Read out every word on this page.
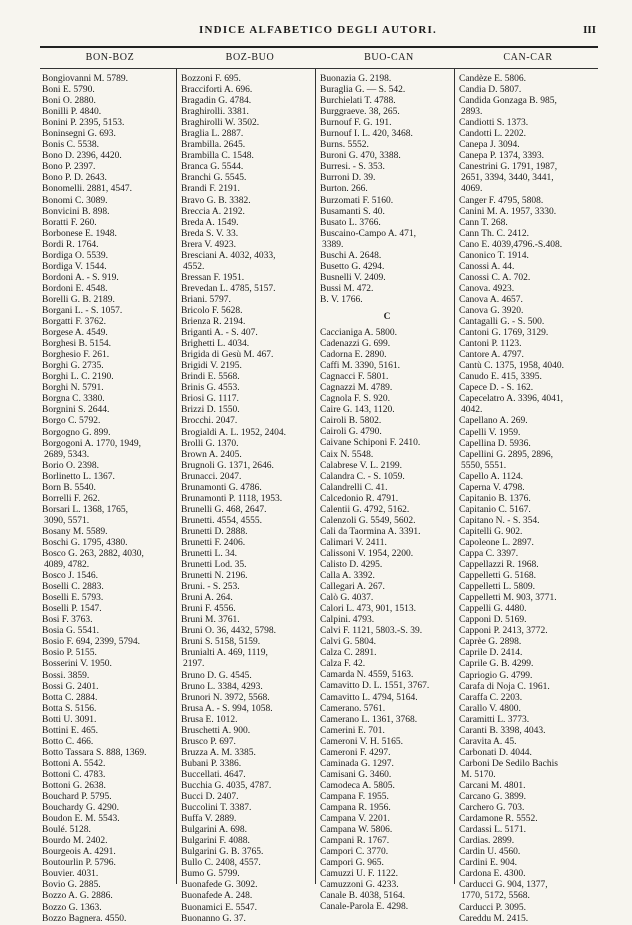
INDICE ALFABETICO DEGLI AUTORI.	III
BON-BOZ	BOZ-BUO	BUO-CAN	CAN-CAR
Bongiovanni M. 5789.
Boni E. 5790.
Boni O. 2880.
Bonilli P. 4840.
Bonini P. 2395, 5153.
Boninsegni G. 693.
Bonis C. 5538.
Bono D. 2396, 4420.
Bono P. 2397.
Bono P. D. 2643.
Bonomelli. 2881, 4547.
Bonomi C. 3089.
Bonvicini B. 898.
Boratti F. 260.
Borbonese E. 1948.
Bordi R. 1764.
Bordiga O. 5539.
Bordiga V. 1544.
Bordoni A. - S. 919.
Bordoni E. 4548.
Borelli G. B. 2189.
Borgani L. - S. 1057.
Borgatti F. 3762.
Borgese A. 4549.
Borghesi B. 5154.
Borghesio F. 261.
Borghi G. 2735.
Borghi L. C. 2190.
Borghi N. 5791.
Borgna C. 3380.
Borgnini S. 2644.
Borgo C. 5792.
Borgogno G. 899.
Borgogoni A. 1770, 1949,
2689, 5343.
Borio O. 2398.
Borlinetto L. 1367.
Born B. 5540.
Borrelli F. 262.
Borsari L. 1368, 1765,
3090, 5571.
Bosany M. 5589.
Boschi G. 1795, 4380.
Bosco G. 263, 2882, 4030,
4089, 4782.
Bosco J. 1546.
Boselli C. 2883.
Boselli E. 5793.
Boselli P. 1547.
Bosi F. 3763.
Bosia G. 5541.
Bosio F. 694, 2399, 5794.
Bosio P. 5155.
Bosserini V. 1950.
Bossi. 3859.
Bossi G. 2401.
Botta C. 2884.
Botta S. 5156.
Botti U. 3091.
Bottini E. 465.
Botto C. 466.
Botto Tassara S. 888, 1369.
Bottoni A. 5542.
Bottoni C. 4783.
Bottoni G. 2638.
Bouchard P. 5795.
Bouchardy G. 4290.
Boudon E. M. 5543.
Boulé. 5128.
Bourdo M. 2402.
Bourgeois A. 4291.
Boutourlin P. 5796.
Bouvier. 4031.
Bovio G. 2885.
Bozzo A. G. 2886.
Bozzo G. 1363.
Bozzo Bagnera. 4550.
Bozzoni F. 695.
Bracciforti A. 696.
Bragadin G. 4784.
Braghirolli. 3381.
Braghirolli W. 3502.
Braglia L. 2887.
Brambilla. 2645.
Brambilla C. 1548.
Branca G. 5544.
Branchi G. 5545.
Brandi F. 2191.
Bravo G. B. 3382.
Breccia A. 2192.
Breda A. 1549.
Breda S. V. 33.
Brera V. 4923.
Bresciani A. 4032, 4033,
4552.
Bressan F. 1951.
Brevedan L. 4785, 5157.
Briani. 5797.
Bricolo F. 5628.
Brienza R. 2194.
Briganti A. - S. 407.
Brighetti L. 4034.
Brigida di Gesù M. 467.
Brigidi V. 2195.
Brindi E. 5568.
Brinis G. 4553.
Briosi G. 1117.
Brizzi D. 1550.
Brocchi. 2047.
Brogialdi A. L. 1952, 2404.
Brolli G. 1370.
Brown A. 2405.
Brugnoli G. 1371, 2646.
Brunacci. 2047.
Brunamonti G. 4786.
Brunamonti P. 1118, 1953.
Brunelli G. 468, 2647.
Brunetti. 4554, 4555.
Brunetti D. 2888.
Brunetti F. 2406.
Brunetti L. 34.
Brunetti Lod. 35.
Brunetti N. 2196.
Bruni. - S. 253.
Bruni A. 264.
Bruni F. 4556.
Bruni M. 3761.
Bruni O. 36, 4432, 5798.
Bruni S. 5158, 5159.
Brunialti A. 469, 1119,
2197.
Bruno D. G. 4545.
Bruno L. 3384, 4293.
Brunori N. 3972, 5568.
Brusa A. - S. 994, 1058.
Brusa E. 1012.
Bruschetti A. 900.
Brusco P. 697.
Bruzza A. M. 3385.
Bubani P. 3386.
Buccellati. 4647.
Bucchia G. 4035, 4787.
Bucci D. 2407.
Buccolini T. 3387.
Buffa V. 2889.
Bulgarini A. 698.
Bulgarini F. 4088.
Bulgarini G. B. 3765.
Bullo C. 2408, 4557.
Bumo G. 5799.
Buonafede G. 3092.
Buonafede A. 248.
Buonamici E. 5547.
Buonanno G. 37.
Buonazia G. 2198.
Buraglia G. — S. 542.
Burchielati T. 4788.
Burggraeve. 38, 265.
Burnouf F. G. 191.
Burnouf I. L. 420, 3468.
Burns. 5552.
Buroni G. 470, 3388.
Burresi. - S. 353.
Burroni D. 39.
Burton. 266.
Burzomati F. 5160.
Busamanti S. 40.
Busato L. 3766.
Buscaino-Campo A. 471,
3389.
Buschi A. 2648.
Busetto G. 4294.
Busnelli V. 2409.
Bussi M. 472.
B. V. 1766.
C
Caccianiga A. 5800.
Cadenazzi G. 699.
Cadorna E. 2890.
Caffi M. 3390, 5161.
Cagnacci F. 5801.
Cagnazzi M. 4789.
Cagnola F. S. 920.
Caire G. 143, 1120.
Cairoli B. 5802.
Cairoli G. 4790.
Caivane Schiponi F. 2410.
Caix N. 5548.
Calabrese V. L. 2199.
Calandra C. - S. 1059.
Calandrelli C. 41.
Calcedonio R. 4791.
Calentii G. 4792, 5162.
Calenzoli G. 5549, 5602.
Cali da Taormina A. 3391.
Calimari V. 2411.
Calissoni V. 1954, 2200.
Calisto D. 4295.
Calla A. 3392.
Callegari A. 267.
Calò G. 4037.
Calori L. 473, 901, 1513.
Calpini. 4793.
Calvi F. 1121, 5803.-S. 39.
Calvi G. 5804.
Calza C. 2891.
Calza F. 42.
Camarda N. 4559, 5163.
Camavitto D. L. 1551, 3767.
Camavitto L. 4794, 5164.
Camerano. 5761.
Camerano L. 1361, 3768.
Camerini E. 701.
Cameroni V. H. 5165.
Cameroni F. 4297.
Caminada G. 1297.
Camisani G. 3460.
Camodeca A. 5805.
Campana F. 1955.
Campana R. 1956.
Campana V. 2201.
Campana W. 5806.
Campani R. 1767.
Campori C. 3770.
Campori G. 965.
Camuzzi U. F. 1122.
Camuzzoni G. 4233.
Canale B. 4038, 5164.
Canale-Parola E. 4298.
Candèze E. 5806.
Candia D. 5807.
Candida Gonzaga B. 985,
2893.
Candiotti S. 1373.
Candotti L. 2202.
Canepa J. 3094.
Canepa P. 1374, 3393.
Canestrini G. 1791, 1987,
2651, 3394, 3440, 3441,
4069.
Canger F. 4795, 5808.
Canini M. A. 1957, 3330.
Cann T. 268.
Cann Th. C. 2412.
Cano E. 4039,4796.-S.408.
Canonico T. 1914.
Canossi A. 44.
Canossi C. A. 702.
Canova. 4923.
Canova A. 4657.
Canova G. 3920.
Cantagalli G. - S. 500.
Cantoni G. 1769, 3129.
Cantoni P. 1123.
Cantore A. 4797.
Cantù C. 1375, 1958, 4040.
Canudo E. 415, 3395.
Capece D. - S. 162.
Capecelatro A. 3396, 4041,
4042.
Capellano A. 269.
Capelli V. 1959.
Capellina D. 5936.
Capellini G. 2895, 2896,
5550, 5551.
Capello A. 1124.
Caperna V. 4798.
Capitanio B. 1376.
Capitanio C. 5167.
Capitano N. - S. 354.
Capitelli G. 902.
Capoleone L. 2897.
Cappa C. 3397.
Cappellazzi R. 1968.
Cappelletti G. 5168.
Cappelletti L. 5809.
Cappelletti M. 903, 3771.
Cappelli G. 4480.
Capponi D. 5169.
Capponi P. 2413, 3772.
Caprèe G. 2898.
Caprile D. 2414.
Caprile G. B. 4299.
Capriogio G. 4799.
Carafa di Noja C. 1961.
Caraffa C. 2203.
Carallo V. 4800.
Caramitti L. 3773.
Caranti B. 3398, 4043.
Caravita A. 45.
Carbonati D. 4044.
Carboni De Sedilo Bachis
M. 5170.
Carcani M. 4801.
Carcano G. 3899.
Carchero G. 703.
Cardamone R. 5552.
Cardassi L. 5171.
Cardias. 2899.
Cardin U. 4560.
Cardini E. 904.
Cardona E. 4300.
Carducci G. 904, 1377,
1770, 5172, 5568.
Carducci P. 3095.
Careddu M. 2415.
